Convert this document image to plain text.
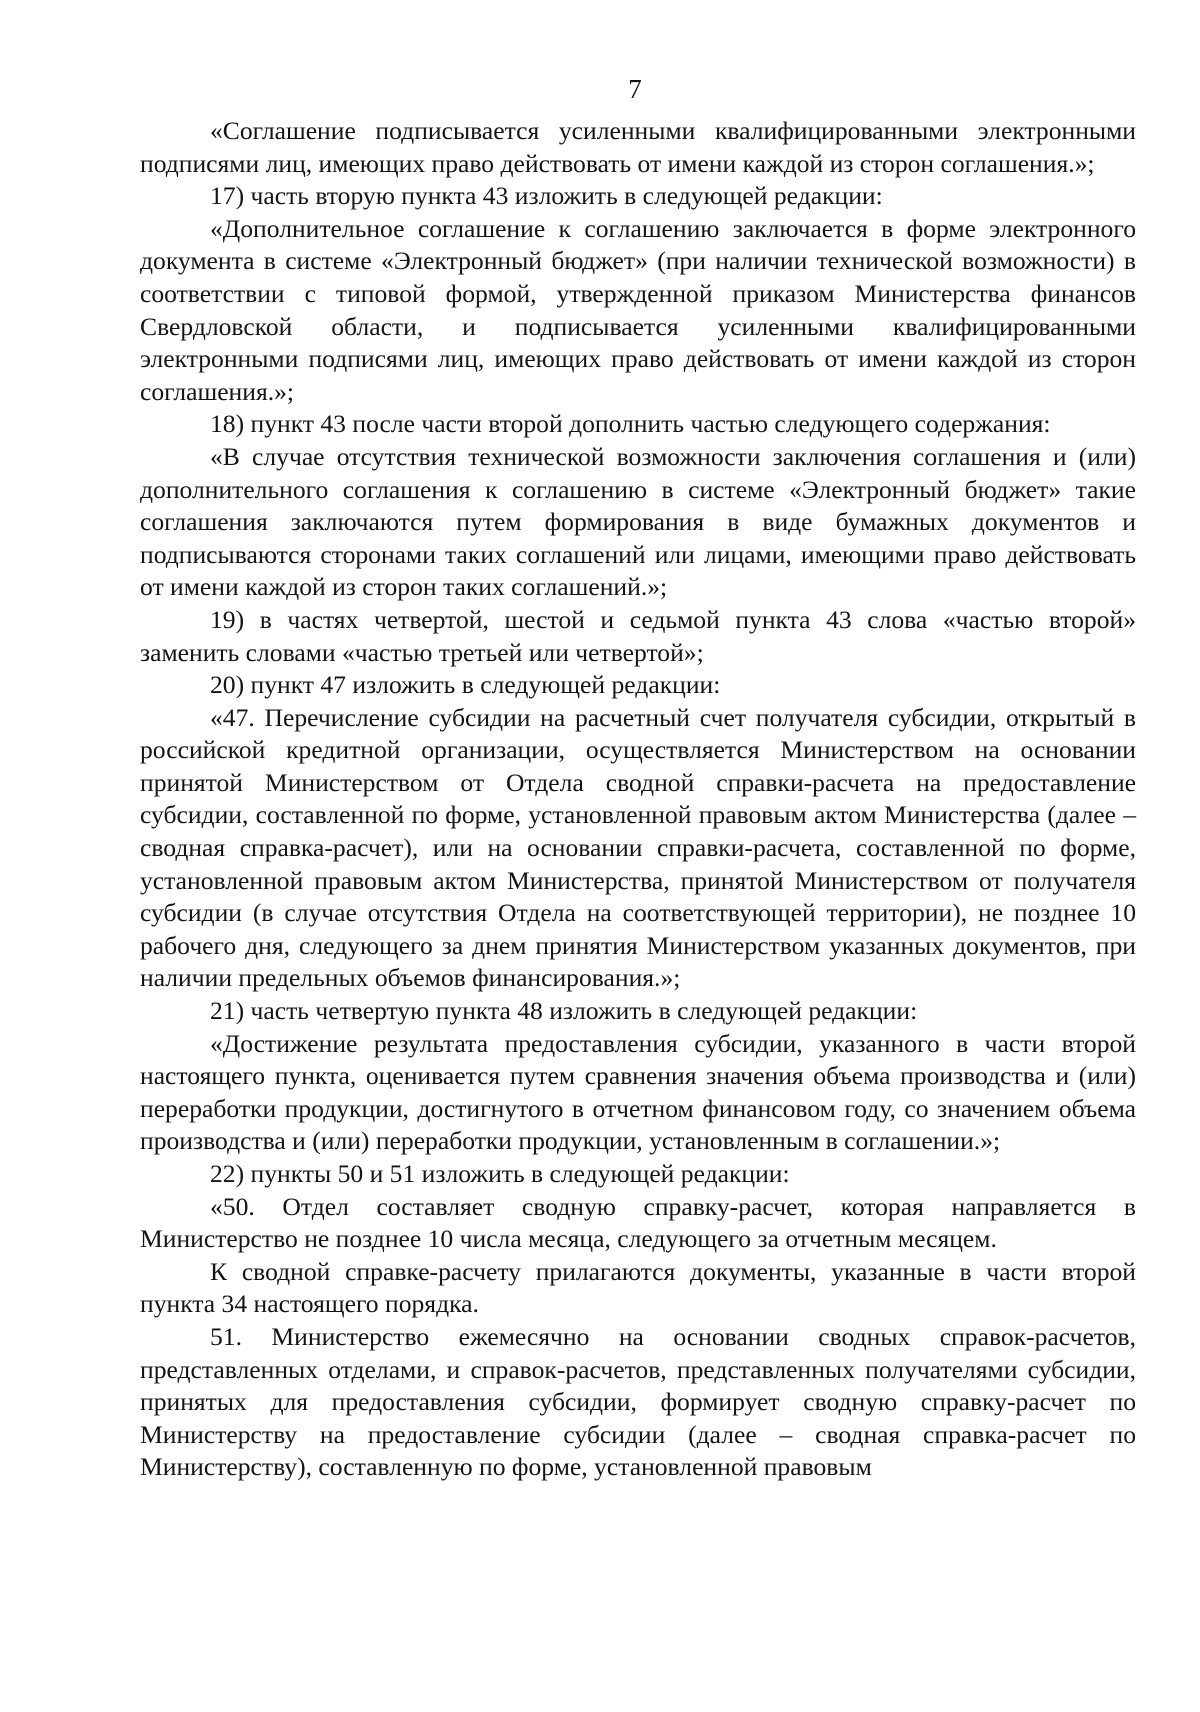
7

«Соглашение подписывается усиленными квалифицированными электронными подписями лиц, имеющих право действовать от имени каждой из сторон соглашения.»;

17) часть вторую пункта 43 изложить в следующей редакции:

«Дополнительное соглашение к соглашению заключается в форме электронного документа в системе «Электронный бюджет» (при наличии технической возможности) в соответствии с типовой формой, утвержденной приказом Министерства финансов Свердловской области, и подписывается усиленными квалифицированными электронными подписями лиц, имеющих право действовать от имени каждой из сторон соглашения.»;

18) пункт 43 после части второй дополнить частью следующего содержания:

«В случае отсутствия технической возможности заключения соглашения и (или) дополнительного соглашения к соглашению в системе «Электронный бюджет» такие соглашения заключаются путем формирования в виде бумажных документов и подписываются сторонами таких соглашений или лицами, имеющими право действовать от имени каждой из сторон таких соглашений.»;

19) в частях четвертой, шестой и седьмой пункта 43 слова «частью второй» заменить словами «частью третьей или четвертой»;

20) пункт 47 изложить в следующей редакции:

«47. Перечисление субсидии на расчетный счет получателя субсидии, открытый в российской кредитной организации, осуществляется Министерством на основании принятой Министерством от Отдела сводной справки-расчета на предоставление субсидии, составленной по форме, установленной правовым актом Министерства (далее – сводная справка-расчет), или на основании справки-расчета, составленной по форме, установленной правовым актом Министерства, принятой Министерством от получателя субсидии (в случае отсутствия Отдела на соответствующей территории), не позднее 10 рабочего дня, следующего за днем принятия Министерством указанных документов, при наличии предельных объемов финансирования.»;

21) часть четвертую пункта 48 изложить в следующей редакции:

«Достижение результата предоставления субсидии, указанного в части второй настоящего пункта, оценивается путем сравнения значения объема производства и (или) переработки продукции, достигнутого в отчетном финансовом году, со значением объема производства и (или) переработки продукции, установленным в соглашении.»;

22) пункты 50 и 51 изложить в следующей редакции:

«50. Отдел составляет сводную справку-расчет, которая направляется в Министерство не позднее 10 числа месяца, следующего за отчетным месяцем.

К сводной справке-расчету прилагаются документы, указанные в части второй пункта 34 настоящего порядка.

51. Министерство ежемесячно на основании сводных справок-расчетов, представленных отделами, и справок-расчетов, представленных получателями субсидии, принятых для предоставления субсидии, формирует сводную справку-расчет по Министерству на предоставление субсидии (далее – сводная справка-расчет по Министерству), составленную по форме, установленной правовым
